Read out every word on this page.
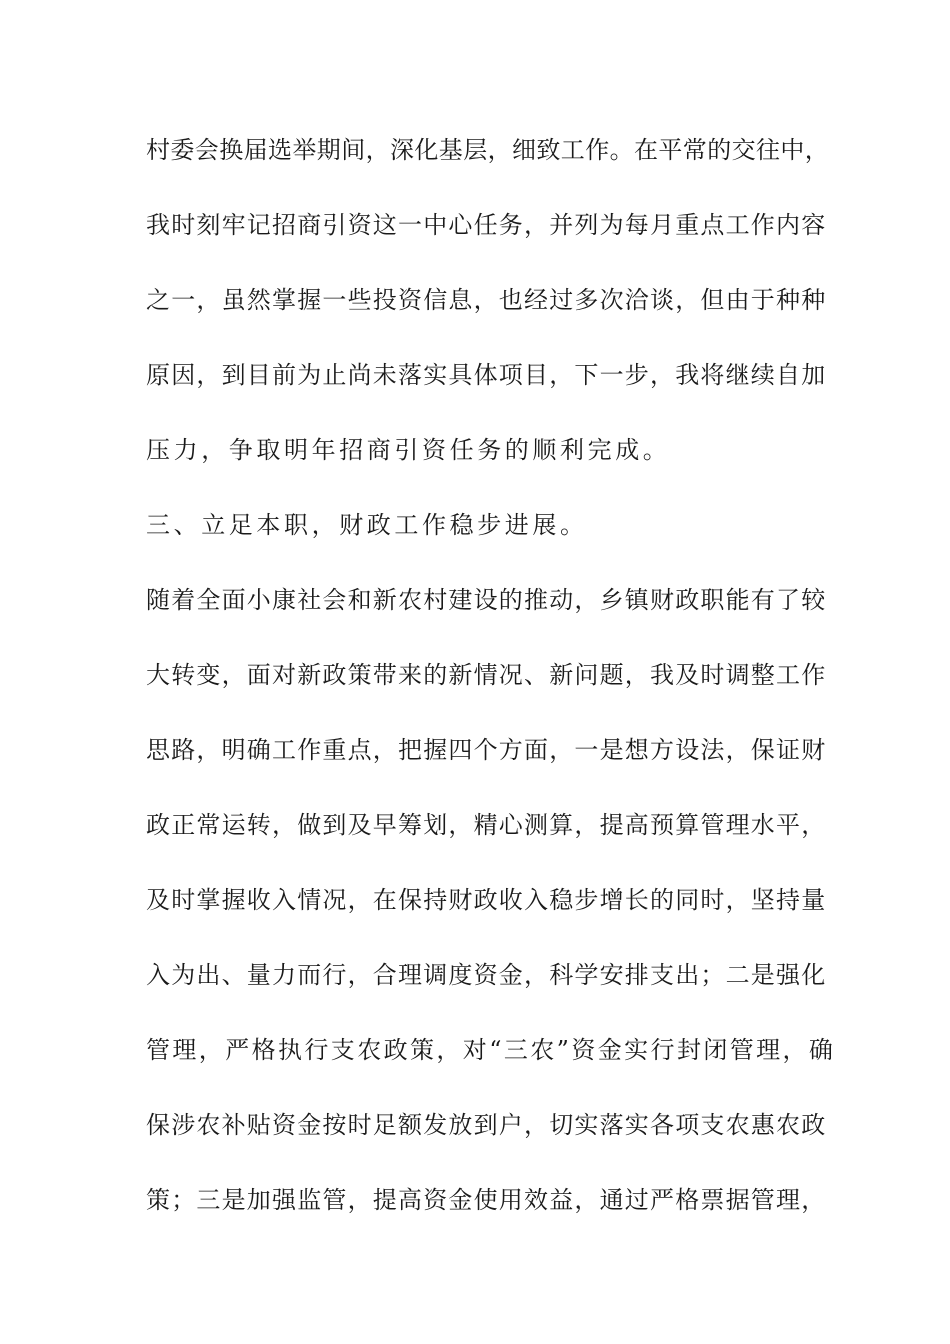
村委会换届选举期间，深化基层，细致工作。在平常的交往中，
我时刻牢记招商引资这一中心任务，并列为每月重点工作内容
之一，虽然掌握一些投资信息，也经过多次洽谈，但由于种种
原因，到目前为止尚未落实具体项目，下一步，我将继续自加
压力，争取明年招商引资任务的顺利完成。
三、立足本职，财政工作稳步进展。
随着全面小康社会和新农村建设的推动，乡镇财政职能有了较
大转变，面对新政策带来的新情况、新问题，我及时调整工作
思路，明确工作重点，把握四个方面，一是想方设法，保证财
政正常运转，做到及早筹划，精心测算，提高预算管理水平，
及时掌握收入情况，在保持财政收入稳步增长的同时，坚持量
入为出、量力而行，合理调度资金，科学安排支出；二是强化
管理，严格执行支农政策，对“三农”资金实行封闭管理，确
保涉农补贴资金按时足额发放到户，切实落实各项支农惠农政
策；三是加强监管，提高资金使用效益，通过严格票据管理，
